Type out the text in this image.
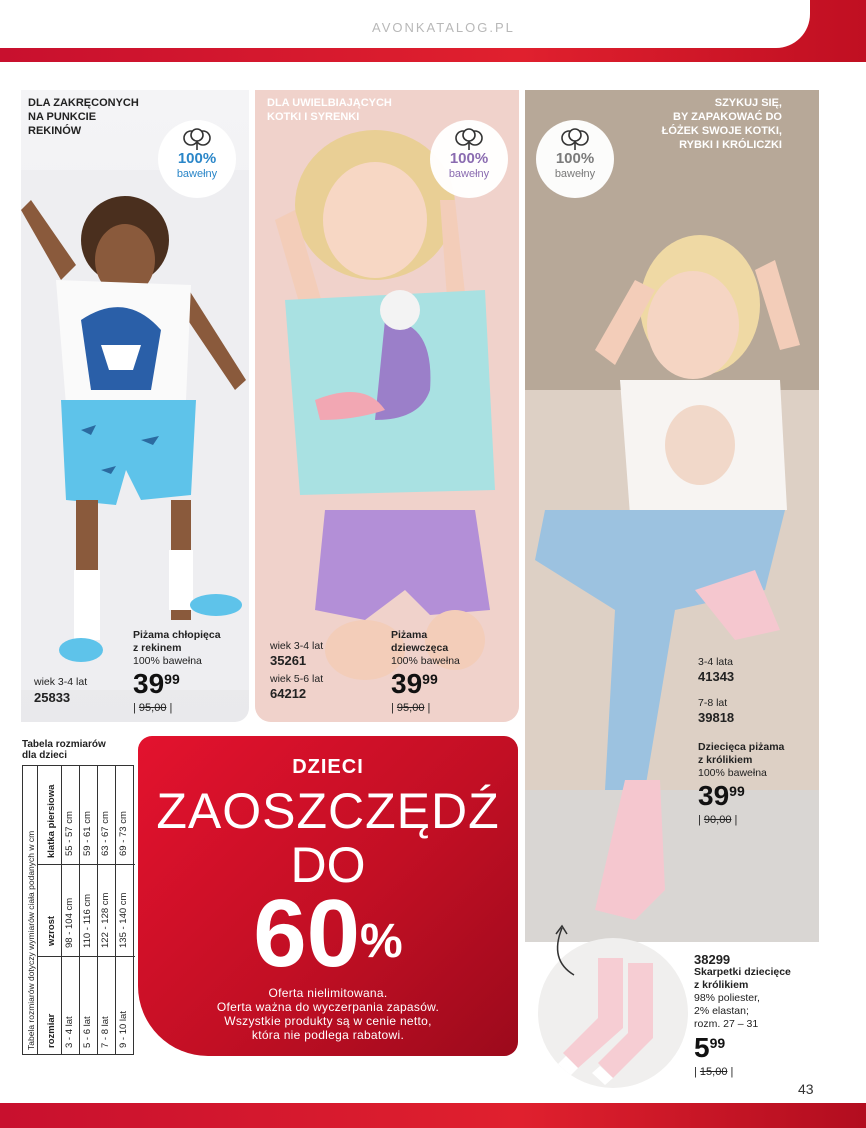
AVONKATALOG.PL	K 2 OUTLET
DLA ZAKRĘCONYCH
NA PUNKCIE
REKINÓW
100%
bawełny
Piżama chłopięca
z rekinem
100% bawełna
wiek 3-4 lat
25833 $39^{99}$
| 95,00 |
DLA UWIELBIAJĄCYCH
KOTKI I SYRENKI
100%
bawełny
wiek 3-4 lat
35261
wiek 5-6 lat
64212
Piżama
dziewczęca
100% bawełna
$39^{99}$
| 95,00 |
SZYKUJ SIĘ,
BY ZAPAKOWAĆ DO
ŁÓŻEK SWOJE KOTKI,
RYBKI I KRÓLICZKI
100%
bawełny
3-4 lata
41343
7-8 lat
39818
Dziecięca piżama
z królikiem
100% bawełna
$39^{99}$
| 90,00 |
38299
Skarpetki dziecięce
z królikiem
98% poliester,
2% elastan;
rozm. 27 – 31
$5^{99}$
| 15,00 |
Tabela rozmiarów
dla dzieci
Tabela rozmiarów dotyczy wymiarów ciała podanych w cm rozmiar
wzrost
klatka piersiowa
3 - 4 lat
98 - 104 cm
55 - 57 cm
5 - 6 lat
110 - 116 cm
59 - 61 cm
7 - 8 lat
122 - 128 cm
63 - 67 cm
9 - 10 lat
135 - 140 cm
69 - 73 cm
DZIECI
ZAOSZCZĘDŹ
DO
60%
Oferta nielimitowana.
Oferta ważna do wyczerpania zapasów.
Wszystkie produkty są w cenie netto,
która nie podlega rabatowi.
43
